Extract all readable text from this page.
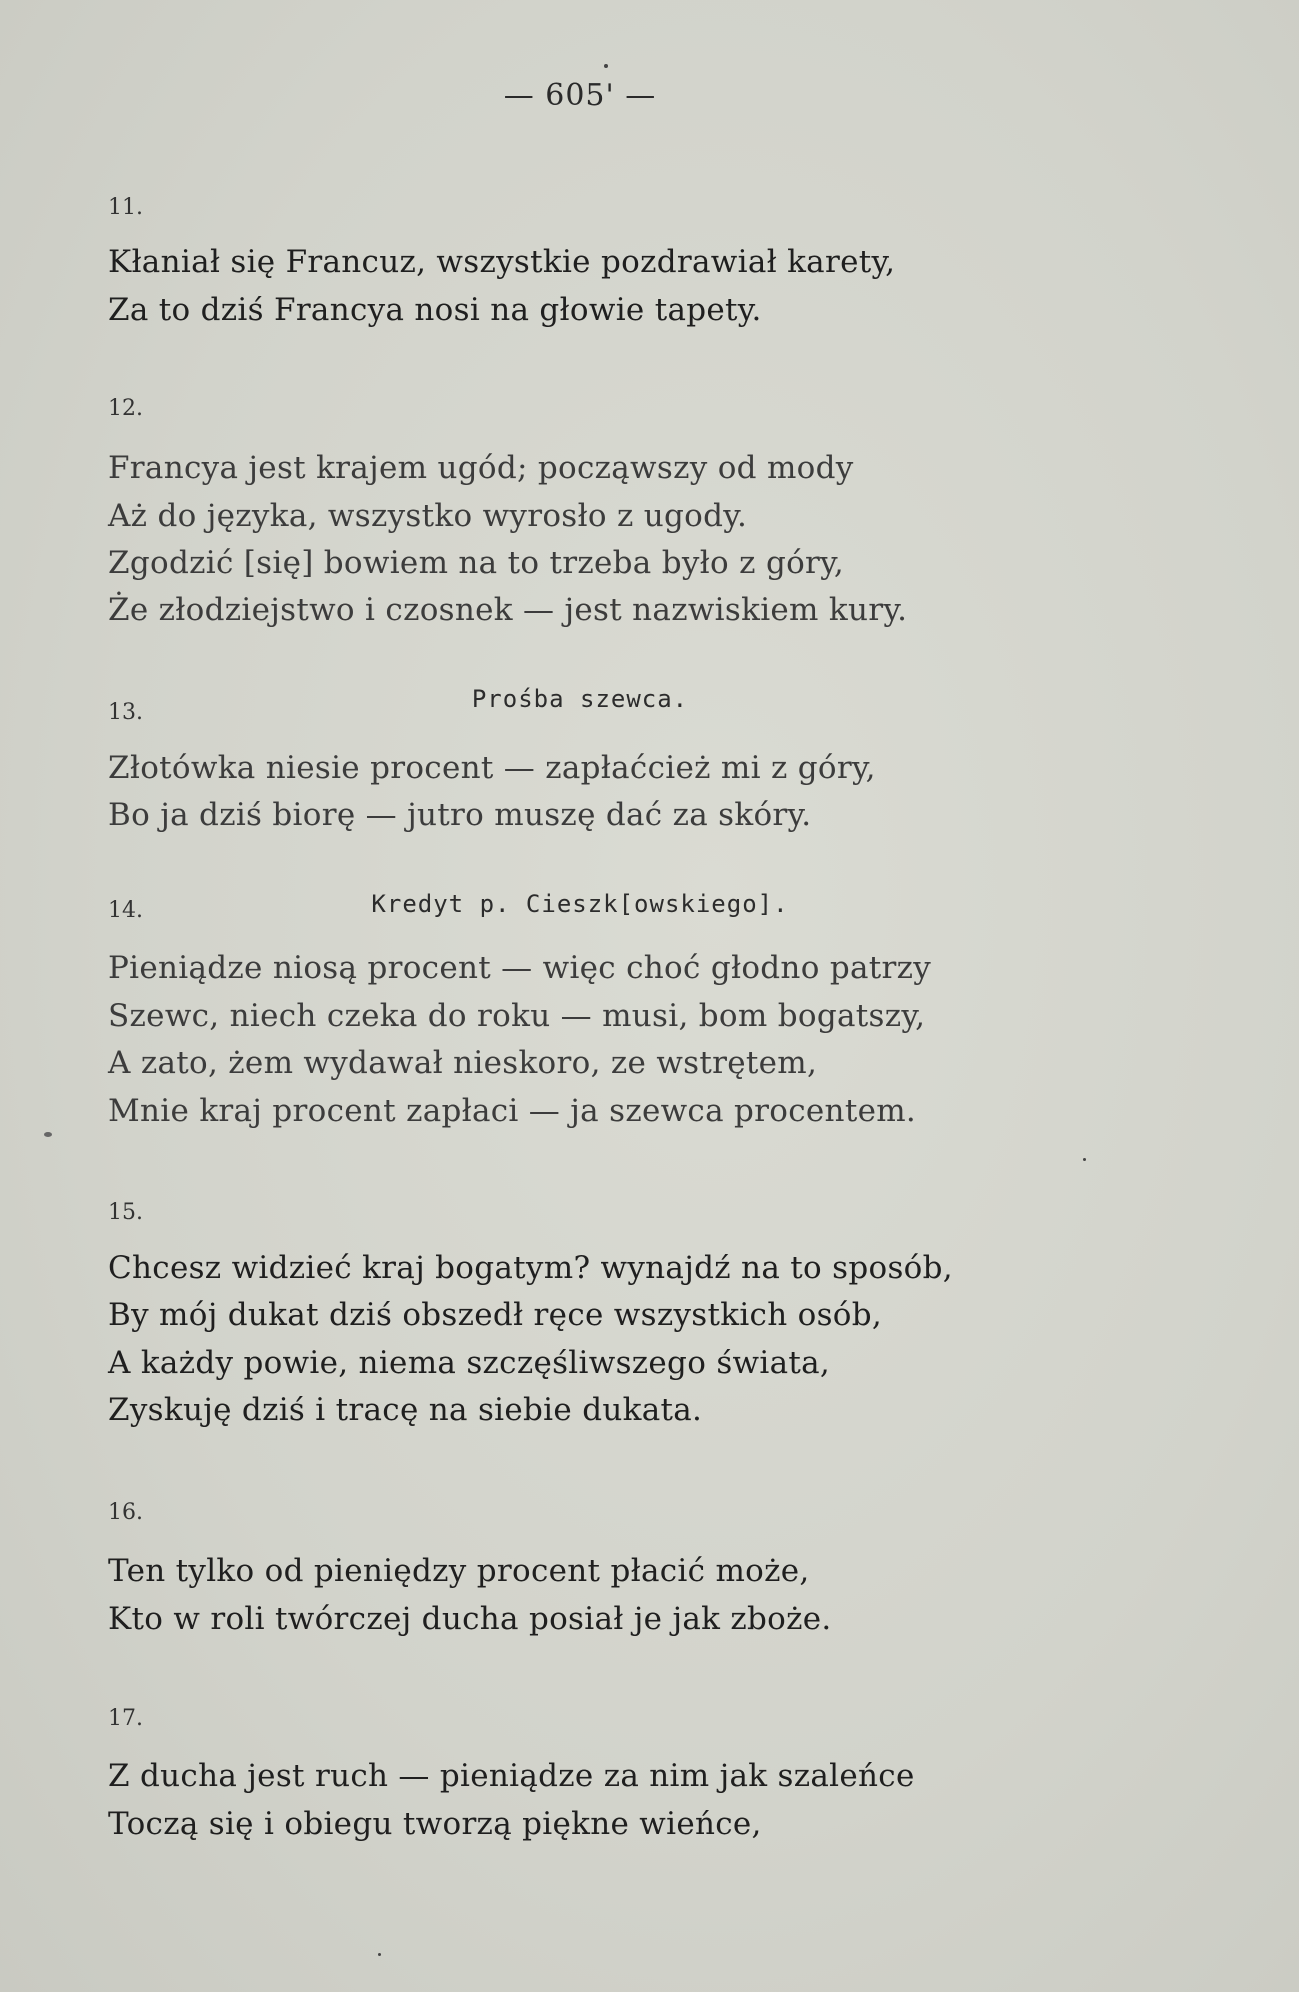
— 605' —
11.
Kłaniał się Francuz, wszystkie pozdrawiał karety,
Za to dziś Francya nosi na głowie tapety.
12.
Francya jest krajem ugód; począwszy od mody
Aż do języka, wszystko wyrosło z ugody.
Zgodzić [się] bowiem na to trzeba było z góry,
Że złodziejstwo i czosnek — jest nazwiskiem kury.
13.	Prośba szewca.
Złotówka niesie procent — zapłaćcież mi z góry,
Bo ja dziś biorę — jutro muszę dać za skóry.
14.	Kredyt p. Cieszk[owskiego].
Pieniądze niosą procent — więc choć głodno patrzy
Szewc, niech czeka do roku — musi, bom bogatszy,
A zato, żem wydawał nieskoro, ze wstrętem,
Mnie kraj procent zapłaci — ja szewca procentem.
15.
Chcesz widzieć kraj bogatym? wynajdź na to sposób,
By mój dukat dziś obszedł ręce wszystkich osób,
A każdy powie, niema szczęśliwszego świata,
Zyskuję dziś i tracę na siebie dukata.
16.
Ten tylko od pieniędzy procent płacić może,
Kto w roli twórczej ducha posiał je jak zboże.
17.
Z ducha jest ruch — pieniądze za nim jak szaleńce
Toczą się i obiegu tworzą piękne wieńce,
